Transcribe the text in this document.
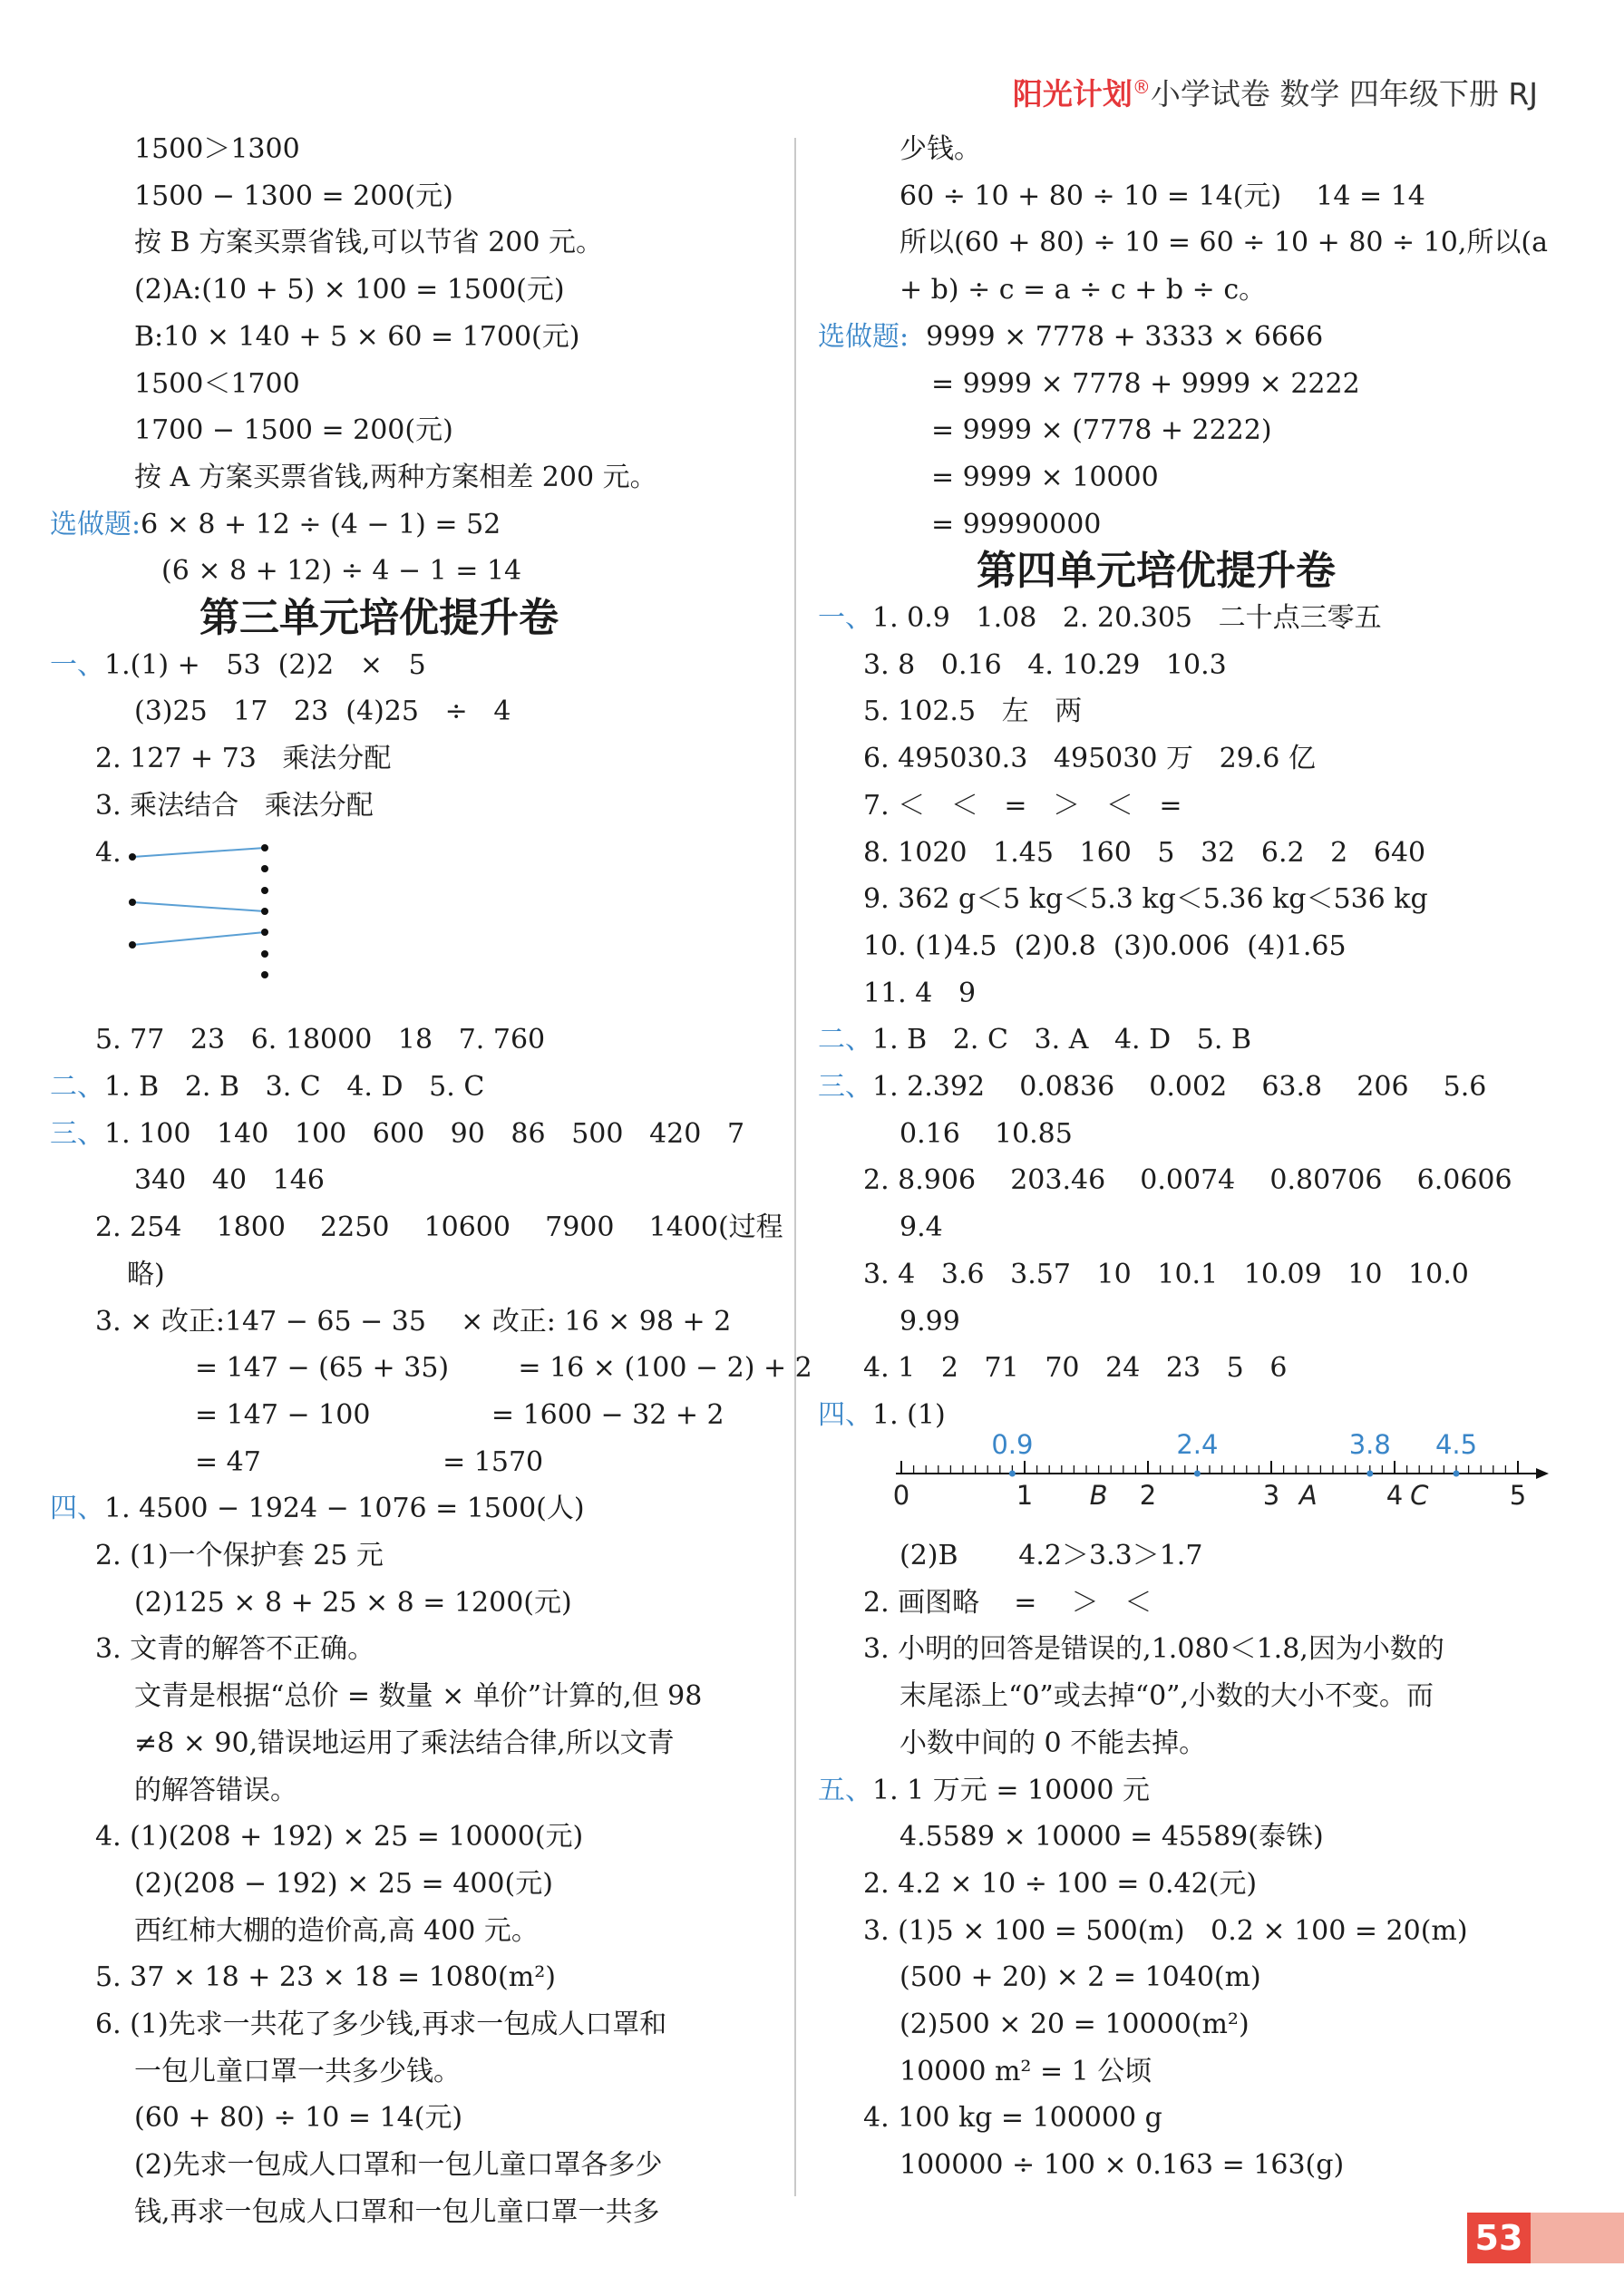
阳光计划®小学试卷 数学 四年级下册 RJ
1500＞1300
1500 − 1300 = 200(元)
按 B 方案买票省钱,可以节省 200 元。
(2)A:(10 + 5) × 100 = 1500(元)
B:10 × 140 + 5 × 60 = 1700(元)
1500＜1700
1700 − 1500 = 200(元)
按 A 方案买票省钱,两种方案相差 200 元。
选做题:6 × 8 + 12 ÷ (4 − 1) = 52
(6 × 8 + 12) ÷ 4 − 1 = 14
第三单元培优提升卷
一、1.(1) +   53  (2)2   ×   5
(3)25   17   23  (4)25   ÷   4
2. 127 + 73   乘法分配
3. 乘法结合   乘法分配
4.
5. 77   23   6. 18000   18   7. 760
二、1. B   2. B   3. C   4. D   5. C
三、1. 100   140   100   600   90   86   500   420   7
340   40   146
2. 254    1800    2250    10600    7900    1400(过程
略)
3. × 改正:147 − 65 − 35    × 改正: 16 × 98 + 2
= 147 − (65 + 35)        = 16 × (100 − 2) + 2
= 147 − 100              = 1600 − 32 + 2
= 47                     = 1570
四、1. 4500 − 1924 − 1076 = 1500(人)
2. (1)一个保护套 25 元
(2)125 × 8 + 25 × 8 = 1200(元)
3. 文青的解答不正确。
文青是根据“总价 = 数量 × 单价”计算的,但 98
≠8 × 90,错误地运用了乘法结合律,所以文青
的解答错误。
4. (1)(208 + 192) × 25 = 10000(元)
(2)(208 − 192) × 25 = 400(元)
西红柿大棚的造价高,高 400 元。
5. 37 × 18 + 23 × 18 = 1080(m²)
6. (1)先求一共花了多少钱,再求一包成人口罩和
一包儿童口罩一共多少钱。
(60 + 80) ÷ 10 = 14(元)
(2)先求一包成人口罩和一包儿童口罩各多少
钱,再求一包成人口罩和一包儿童口罩一共多
0	1	2	3	4	5
0.9	2.4	3.8 4.5
B	A	C
少钱。
60 ÷ 10 + 80 ÷ 10 = 14(元)    14 = 14
所以(60 + 80) ÷ 10 = 60 ÷ 10 + 80 ÷ 10,所以(a
+ b) ÷ c = a ÷ c + b ÷ c。
选做题:  9999 × 7778 + 3333 × 6666
= 9999 × 7778 + 9999 × 2222
= 9999 × (7778 + 2222)
= 9999 × 10000
= 99990000
第四单元培优提升卷
一、1. 0.9   1.08   2. 20.305   二十点三零五
3. 8   0.16   4. 10.29   10.3
5. 102.5   左   两
6. 495030.3   495030 万   29.6 亿
7. ＜   ＜   =   ＞   ＜   =
8. 1020   1.45   160   5   32   6.2   2   640
9. 362 g＜5 kg＜5.3 kg＜5.36 kg＜536 kg
10. (1)4.5  (2)0.8  (3)0.006  (4)1.65
11. 4   9
二、1. B   2. C   3. A   4. D   5. B
三、1. 2.392    0.0836    0.002    63.8    206    5.6
0.16    10.85
2. 8.906    203.46    0.0074    0.80706    6.0606
9.4
3. 4   3.6   3.57   10   10.1   10.09   10   10.0
9.99
4. 1   2   71   70   24   23   5   6
四、1. (1)
(2)B       4.2＞3.3＞1.7
2. 画图略    =    ＞   ＜
3. 小明的回答是错误的,1.080＜1.8,因为小数的
末尾添上“0”或去掉“0”,小数的大小不变。而
小数中间的 0 不能去掉。
五、1. 1 万元 = 10000 元
4.5589 × 10000 = 45589(泰铢)
2. 4.2 × 10 ÷ 100 = 0.42(元)
3. (1)5 × 100 = 500(m)   0.2 × 100 = 20(m)
(500 + 20) × 2 = 1040(m)
(2)500 × 20 = 10000(m²)
10000 m² = 1 公顷
4. 100 kg = 100000 g
100000 ÷ 100 × 0.163 = 163(g)
53
